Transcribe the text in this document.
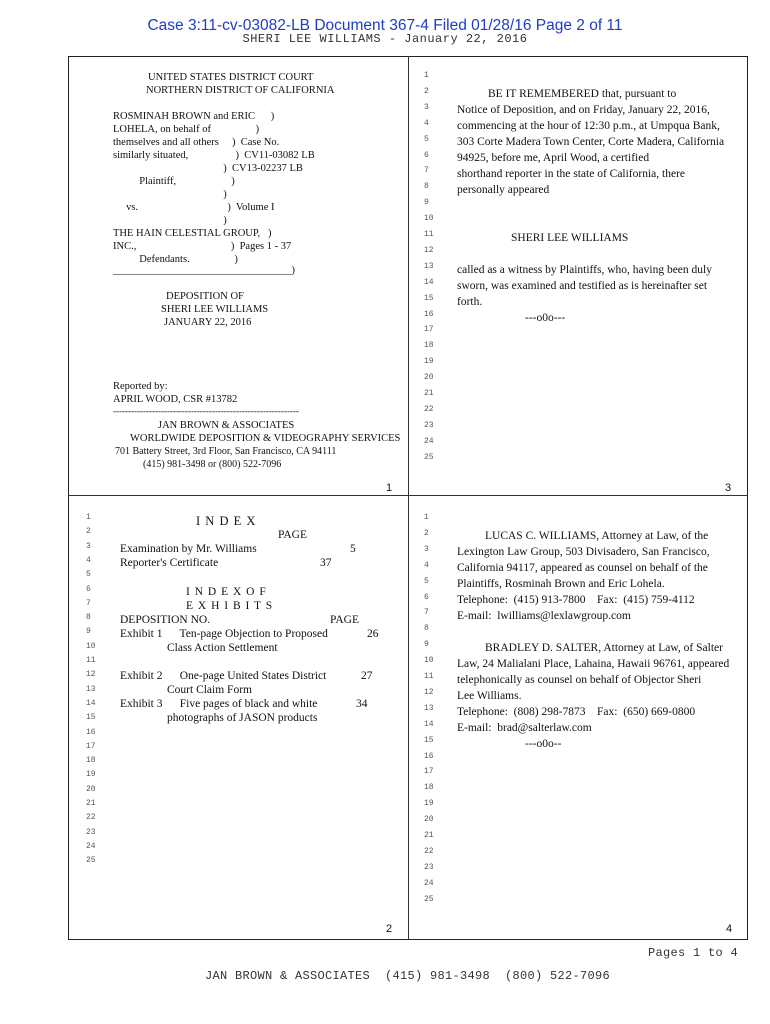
Case 3:11-cv-03082-LB Document 367-4 Filed 01/28/16 Page 2 of 11
SHERI LEE WILLIAMS - January 22, 2016
1
2
3
4
5
6
7
8
9
10
11
12
13
14
15
16
17
18
19
20
21
22
23
24
25
1
2
3
4
5
6
7
8
9
10
11
12
13
14
15
16
17
18
19
20
21
22
23
24
25
1
2
3
4
5
6
7
8
9
10
11
12
13
14
15
16
17
18
19
20
21
22
23
24
25
UNITED STATES DISTRICT COURT
NORTHERN DISTRICT OF CALIFORNIA
ROSMINAH BROWN and ERIC      )
LOHELA, on behalf of                 )
themselves and all others     )  Case No.
similarly situated,                  )  CV11-03082 LB
)  CV13-02237 LB
Plaintiff,                     )
)
vs.                                  )  Volume I
)
THE HAIN CELESTIAL GROUP,   )
INC.,                                    )  Pages 1 - 37
Defendants.                 )
__________________________________)
DEPOSITION OF
SHERI LEE WILLIAMS
JANUARY 22, 2016
Reported by:
APRIL WOOD, CSR #13782
--------------------------------------------------------------
JAN BROWN & ASSOCIATES
WORLDWIDE DEPOSITION & VIDEOGRAPHY SERVICES
701 Battery Street, 3rd Floor, San Francisco, CA 94111
(415) 981-3498 or (800) 522-7096
1
BE IT REMEMBERED that, pursuant to
Notice of Deposition, and on Friday, January 22, 2016,
commencing at the hour of 12:30 p.m., at Umpqua Bank,
303 Corte Madera Town Center, Corte Madera, California
94925, before me, April Wood, a certified
shorthand reporter in the state of California, there
personally appeared
SHERI LEE WILLIAMS
called as a witness by Plaintiffs, who, having been duly
sworn, was examined and testified as is hereinafter set
forth.
---o0o---
3
I N D E X
PAGE
Examination by Mr. Williams	5
Reporter's Certificate	37
I N D E X O F
E X H I B I T S
DEPOSITION NO.	PAGE
Exhibit 1      Ten-page Objection to Proposed	26
Class Action Settlement
Exhibit 2      One-page United States District	27
Court Claim Form
Exhibit 3      Five pages of black and white	34
photographs of JASON products
2
LUCAS C. WILLIAMS, Attorney at Law, of the
Lexington Law Group, 503 Divisadero, San Francisco,
California 94117, appeared as counsel on behalf of the
Plaintiffs, Rosminah Brown and Eric Lohela.
Telephone:  (415) 913-7800    Fax:  (415) 759-4112
E-mail:  lwilliams@lexlawgroup.com
BRADLEY D. SALTER, Attorney at Law, of Salter
Law, 24 Malialani Place, Lahaina, Hawaii 96761, appeared
telephonically as counsel on behalf of Objector Sheri
Lee Williams.
Telephone:  (808) 298-7873    Fax:  (650) 669-0800
E-mail:  brad@salterlaw.com
---o0o--
4
Pages 1 to 4
JAN BROWN & ASSOCIATES  (415) 981-3498  (800) 522-7096
